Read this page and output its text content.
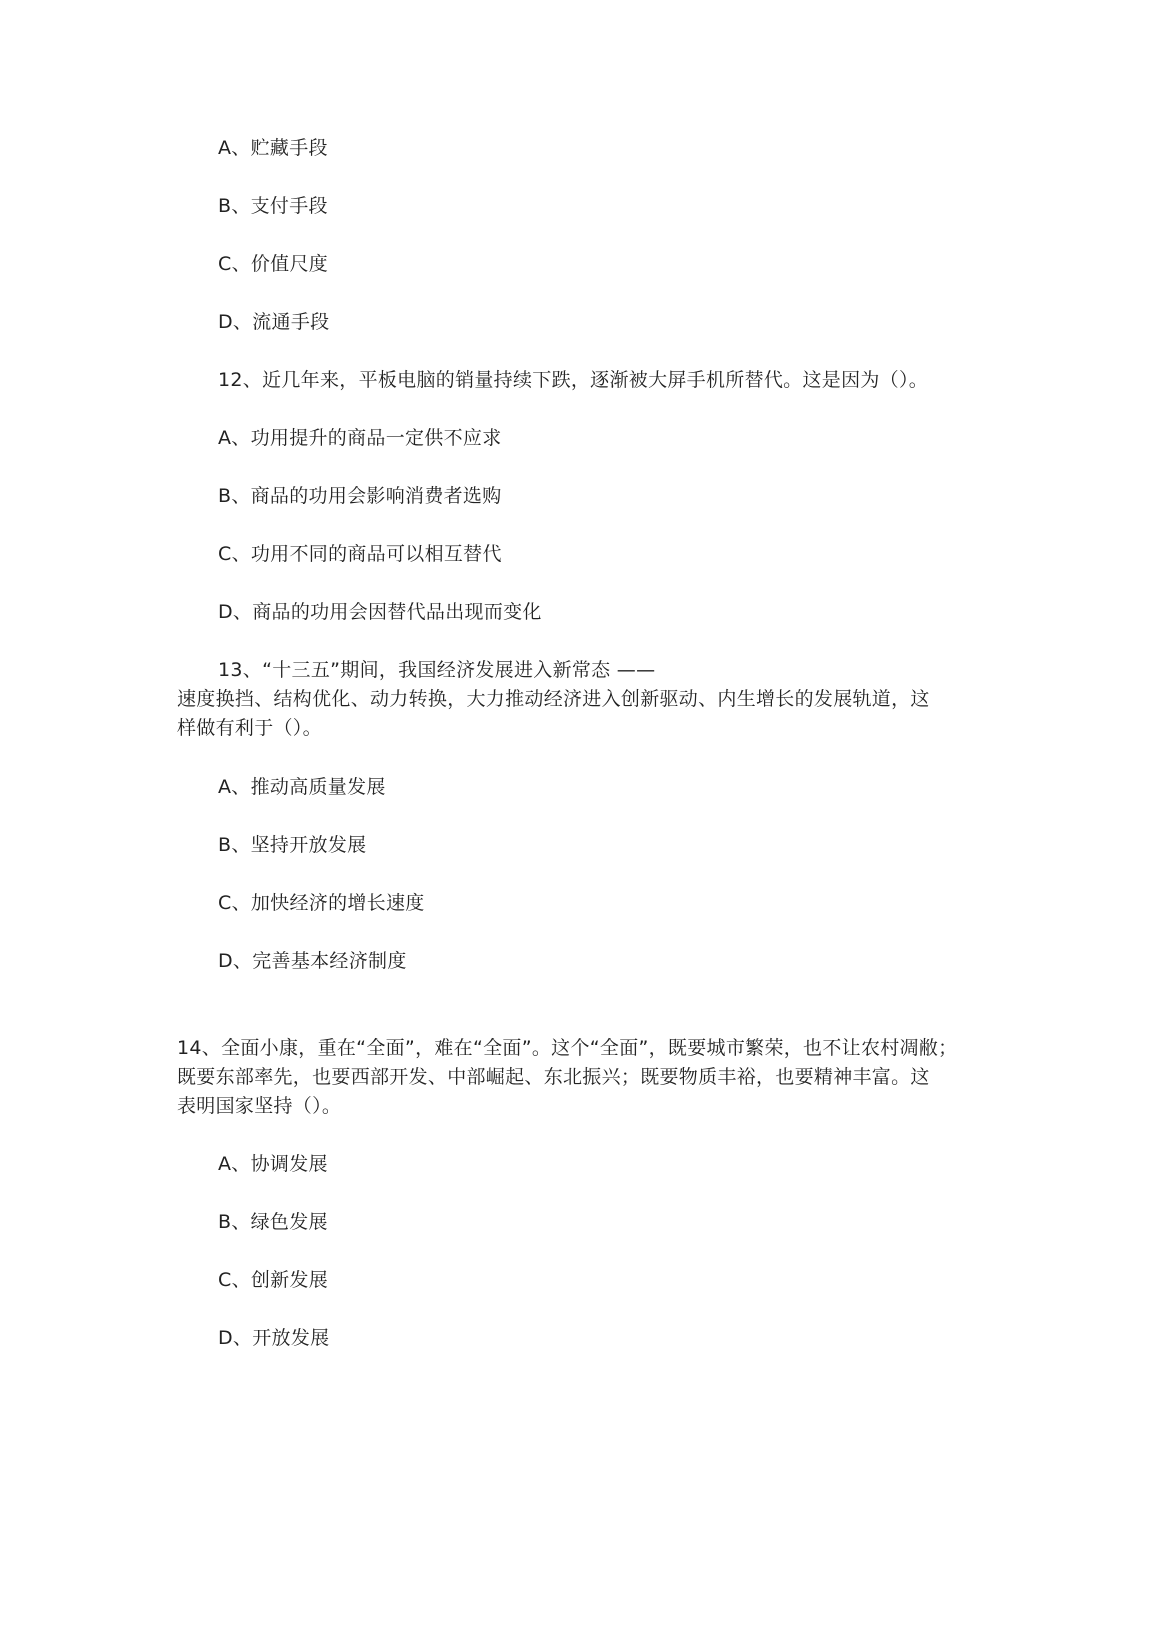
A、贮藏手段
B、支付手段
C、价值尺度
D、流通手段
12、近几年来，平板电脑的销量持续下跌，逐渐被大屏手机所替代。这是因为（）。
A、功用提升的商品一定供不应求
B、商品的功用会影响消费者选购
C、功用不同的商品可以相互替代
D、商品的功用会因替代品出现而变化
13、“十三五”期间，我国经济发展进入新常态 ——
速度换挡、结构优化、动力转换，大力推动经济进入创新驱动、内生增长的发展轨道，这
样做有利于（）。
A、推动高质量发展
B、坚持开放发展
C、加快经济的增长速度
D、完善基本经济制度
14、全面小康，重在“全面”，难在“全面”。这个“全面”，既要城市繁荣，也不让农村凋敝；
既要东部率先，也要西部开发、中部崛起、东北振兴；既要物质丰裕，也要精神丰富。这
表明国家坚持（）。
A、协调发展
B、绿色发展
C、创新发展
D、开放发展
